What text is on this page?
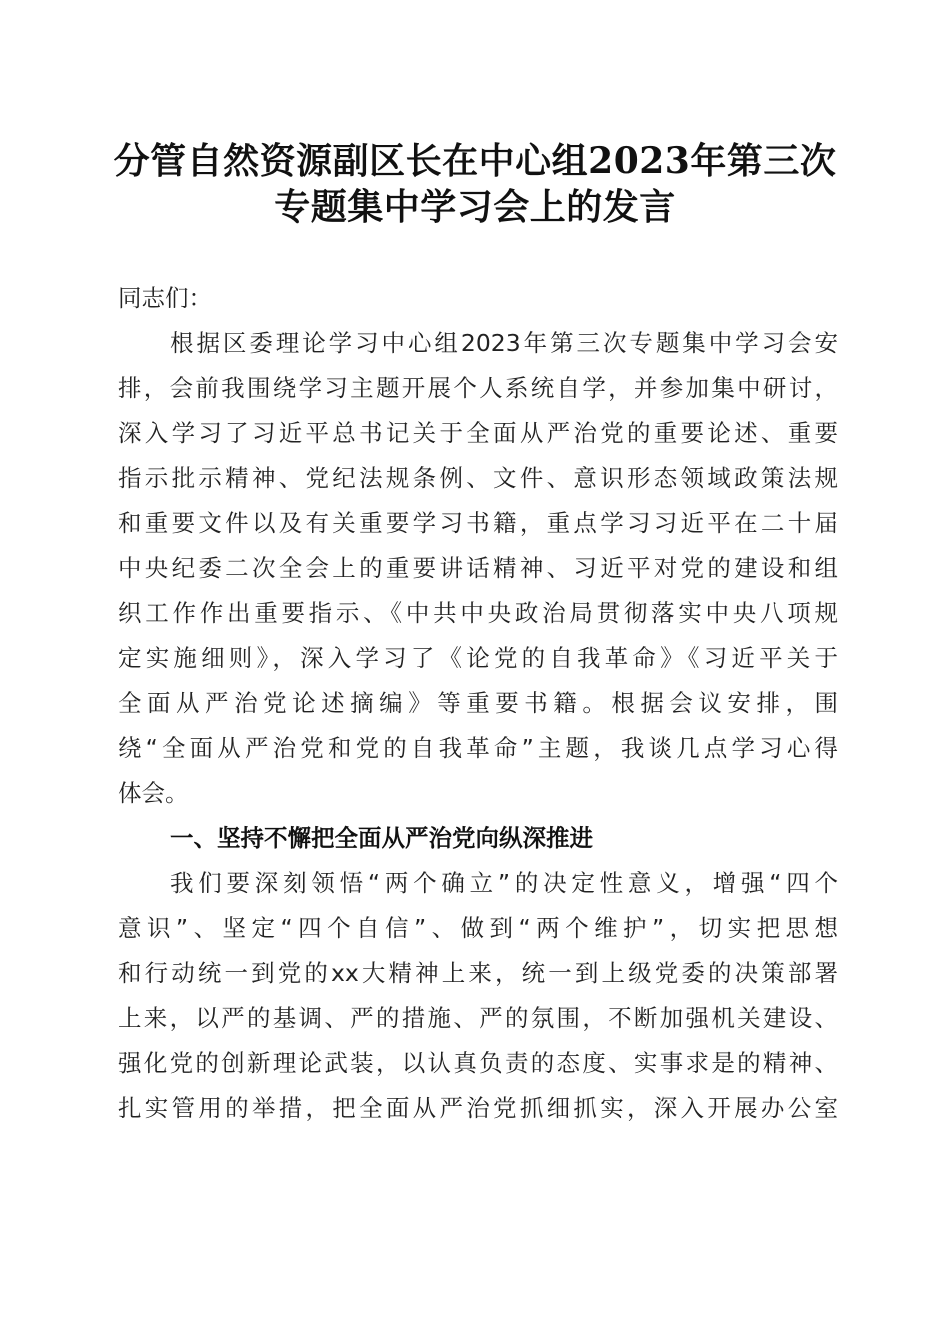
分管自然资源副区长在中心组2023年第三次
专题集中学习会上的发言
同志们：
根据区委理论学习中心组2023年第三次专题集中学习会安
排，会前我围绕学习主题开展个人系统自学，并参加集中研讨，
深入学习了习近平总书记关于全面从严治党的重要论述、重要
指示批示精神、党纪法规条例、文件、意识形态领域政策法规
和重要文件以及有关重要学习书籍，重点学习习近平在二十届
中央纪委二次全会上的重要讲话精神、习近平对党的建设和组
织工作作出重要指示、《中共中央政治局贯彻落实中央八项规
定实施细则》，深入学习了《论党的自我革命》《习近平关于
全面从严治党论述摘编》等重要书籍。根据会议安排，围
绕“全面从严治党和党的自我革命”主题，我谈几点学习心得
体会。
一、坚持不懈把全面从严治党向纵深推进
我们要深刻领悟“两个确立”的决定性意义，增强“四个
意识”、坚定“四个自信”、做到“两个维护”，切实把思想
和行动统一到党的xx大精神上来，统一到上级党委的决策部署
上来，以严的基调、严的措施、严的氛围，不断加强机关建设、
强化党的创新理论武装，以认真负责的态度、实事求是的精神、
扎实管用的举措，把全面从严治党抓细抓实，深入开展办公室
